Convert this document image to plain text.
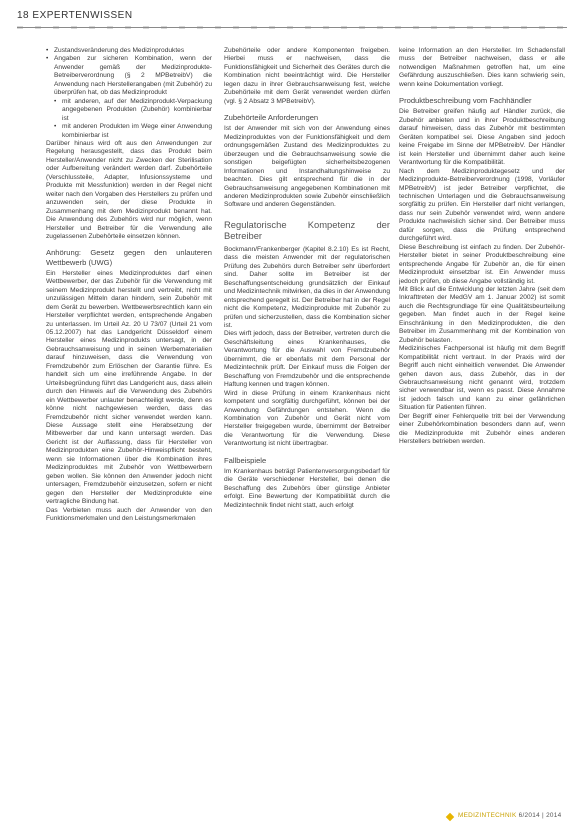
18 EXPERTENWISSEN
• Zustandsveränderung des Medizinproduktes
• Angaben zur sicheren Kombination, wenn der Anwender gemäß der Medizinprodukte-Betreiberverordnung (§ 2 MPBetreibV) die Anwendung nach Herstellerangaben (mit Zubehör) zu überprüfen hat, ob das Medizinprodukt
• mit anderen, auf der Medizinprodukt-Verpackung angegebenen Produkten (Zubehör) kombinierbar ist
• mit anderen Produkten im Wege einer Anwendung kombinierbar ist

Darüber hinaus wird oft aus den Anwendungen zur Regelung herausgestellt, dass das Produkt beim Hersteller/Anwender nicht zu Zwecken der Sterilisation oder Aufbereitung verändert werden darf. Zubehörteile (Verschlussteile, Adapter, Infusionssysteme und Produkte mit Messfunktion) werden in der Regel nicht weiter nach den Vorgaben des Herstellers zu prüfen und anzuwenden sein, der diese Produkte in Zusammenhang mit dem Medizinprodukt benannt hat. Die Anwendung des Zubehörs wird nur möglich, wenn Hersteller und Betreiber für die Verwendung alle zugelassenen Zubehörteile einsetzen können.

Anhörung: Gesetz gegen den unlauteren Wettbewerb (UWG)

Ein Hersteller eines Medizinproduktes darf einen Wettbewerber, der das Zubehör für die Verwendung mit seinem Medizinprodukt herstellt und vertreibt, nicht mit unzulässigen Mitteln daran hindern, sein Zubehör mit dem Gerät zu bewerben. Wettbewerbsrechtlich kann ein Hersteller verpflichtet werden, entsprechende Angaben zu unterlassen. Im Urteil Az. 20 U 73/07 (Urteil 21 vom 05.12.2007) hat das Landgericht Düsseldorf einem Hersteller eines Medizinprodukts untersagt, in der Gebrauchsanweisung und in seinen Werbematerialien darauf hinzuweisen, dass die Verwendung von Fremdzubehör zum Erlöschen der Garantie führe. Es handelt sich um eine irreführende Angabe. In der Urteilsbegründung führt das Landgericht aus, dass allein durch den Hinweis auf die Verwendung des Zubehörs ein Wettbewerber unlauter benachteiligt werde, denn es könne nicht nachgewiesen werden, dass das Fremdzubehör nicht sicher verwendet werden kann. Diese Aussage stellt eine Herabsetzung der Mitbewerber dar und kann untersagt werden. Das Gericht ist der Auffassung, dass für Hersteller von Medizinprodukten eine Zubehör-Hinweispflicht besteht, wenn sie Informationen über die Kombination ihres Medizinproduktes mit Zubehör von Wettbewerbern geben wollen. Sie können den Anwender jedoch nicht untersagen, Fremdzubehör einzusetzen, sofern er nicht gegen den Hersteller der Medizinprodukte eine vertragliche Bindung hat.

Das Verbieten muss auch der Anwender von den Funktionsmerkmalen und den Leistungsmerkmalen

Zubehörteile oder andere Komponenten freigeben. Hierbei muss er nachweisen, dass die Funktionsfähigkeit und Sicherheit des Gerätes durch die Kombination nicht beeinträchtigt wird. Die Hersteller legen dazu in ihrer Gebrauchsanweisung fest, welche Zubehörteile mit dem Gerät verwendet werden dürfen (vgl. § 2 Absatz 3 MPBetreibV).

Zubehörteile Anforderungen

Ist der Anwender mit sich von der Anwendung eines Medizinproduktes von der Funktionsfähigkeit und dem ordnungsgemäßen Zustand des Medizinproduktes zu überzeugen und die Gebrauchsanweisung sowie die sonstigen beigefügten sicherheitsbezogenen Informationen und Instandhaltungshinweise zu beachten. Dies gilt entsprechend für die in der Gebrauchsanweisung angegebenen Kombinationen mit anderen Medizinprodukten sowie Zubehör einschließlich Software und anderen Gegenständen.

Regulatorische Kompetenz der Betreiber

Bockmann/Frankenberger (Kapitel 8.2.10) Es ist Recht, dass die meisten Anwender mit der regulatorischen Prüfung des Zubehörs durch Betreiber sehr überfordert sind. Daher sollte im Betreiber ist der Beschaffungsentscheidung grundsätzlich der Einkauf und Medizintechnik mitwirken, da dies in der Anwendung entsprechend geregelt ist. Der Betreiber hat in der Regel nicht die Kompetenz, Medizinprodukte mit Zubehör zu prüfen und sicherzustellen, dass die Kombination sicher ist.

Dies wirft jedoch, dass der Betreiber, vertreten durch die Geschäftsleitung eines Krankenhauses, die Verantwortung für die Auswahl von Fremdzubehör übernimmt, die er ebenfalls mit dem Personal der Medizintechnik prüft. Der Einkauf muss die Folgen der Beschaffung von Fremdzubehör und die entsprechende Haftung kennen und tragen können.

Wird in diese Prüfung in einem Krankenhaus nicht kompetent und sorgfältig durchgeführt, können bei der Anwendung Gefährdungen entstehen. Wenn die Kombination von Zubehör und Gerät nicht vom Hersteller freigegeben wurde, übernimmt der Betreiber die Verantwortung für die Verwendung. Diese Verantwortung ist nicht übertragbar.

Fallbeispiele

Im Krankenhaus beträgt Patientenversorgungsbedarf für die Geräte verschiedener Hersteller, bei denen die Beschaffung des Zubehörs über günstige Anbieter erfolgt. Eine Bewertung der Kompatibilität durch die Medizintechnik findet nicht statt, auch erfolgt

keine Information an den Hersteller. Im Schadensfall muss der Betreiber nachweisen, dass er alle notwendigen Maßnahmen getroffen hat, um eine Gefährdung auszuschließen. Dies kann schwierig sein, wenn keine Dokumentation vorliegt.

Produktbeschreibung vom Fachhändler

Die Betreiber greifen häufig auf Händler zurück, die Zubehör anbieten und in ihrer Produktbeschreibung darauf hinweisen, dass das Zubehör mit bestimmten Geräten kompatibel sei. Diese Angaben sind jedoch keine Freigabe im Sinne der MPBetreibV. Der Händler ist kein Hersteller und übernimmt daher auch keine Verantwortung für die Kompatibilität.

Nach dem Medizinproduktegesetz und der Medizinprodukte-Betreiberverordnung (1998, Vorläufer MPBetreibV) ist jeder Betreiber verpflichtet, die technischen Unterlagen und die Gebrauchsanweisung sorgfältig zu prüfen. Ein Hersteller darf nicht verlangen, dass nur sein Zubehör verwendet wird, wenn andere Produkte nachweislich sicher sind. Der Betreiber muss dafür sorgen, dass die Prüfung entsprechend durchgeführt wird.

Diese Beschreibung ist einfach zu finden. Der Zubehör-Hersteller bietet in seiner Produktbeschreibung eine entsprechende Angabe für Zubehör an, die für einen Medizinprodukt einsetzbar ist. Ein Anwender muss jedoch prüfen, ob diese Angabe vollständig ist.

Mit Blick auf die Entwicklung der letzten Jahre (seit dem Inkrafttreten der MedGV am 1. Januar 2002) ist somit auch die Rechtsgrundlage für eine Qualitätsbeurteilung gegeben. Man findet auch in der Regel keine Einschränkung in den Medizinprodukten, die den Betreiber im Zusammenhang mit der Kombination von Zubehör belasten.

Medizinisches Fachpersonal ist häufig mit dem Begriff Kompatibilität nicht vertraut. In der Praxis wird der Begriff auch nicht einheitlich verwendet. Die Anwender gehen davon aus, dass Zubehör, das in der Gebrauchsanweisung nicht genannt wird, trotzdem sicher verwendbar ist, wenn es passt. Diese Annahme ist jedoch falsch und kann zu einer gefährlichen Situation für Patienten führen.

Der Begriff einer Fehlerquelle tritt bei der Verwendung einer Zubehörkombination besonders dann auf, wenn die Medizinprodukte mit Zubehör eines anderen Herstellers betrieben werden.

MEDIZINTECHNIK 6/2014 | 2014
